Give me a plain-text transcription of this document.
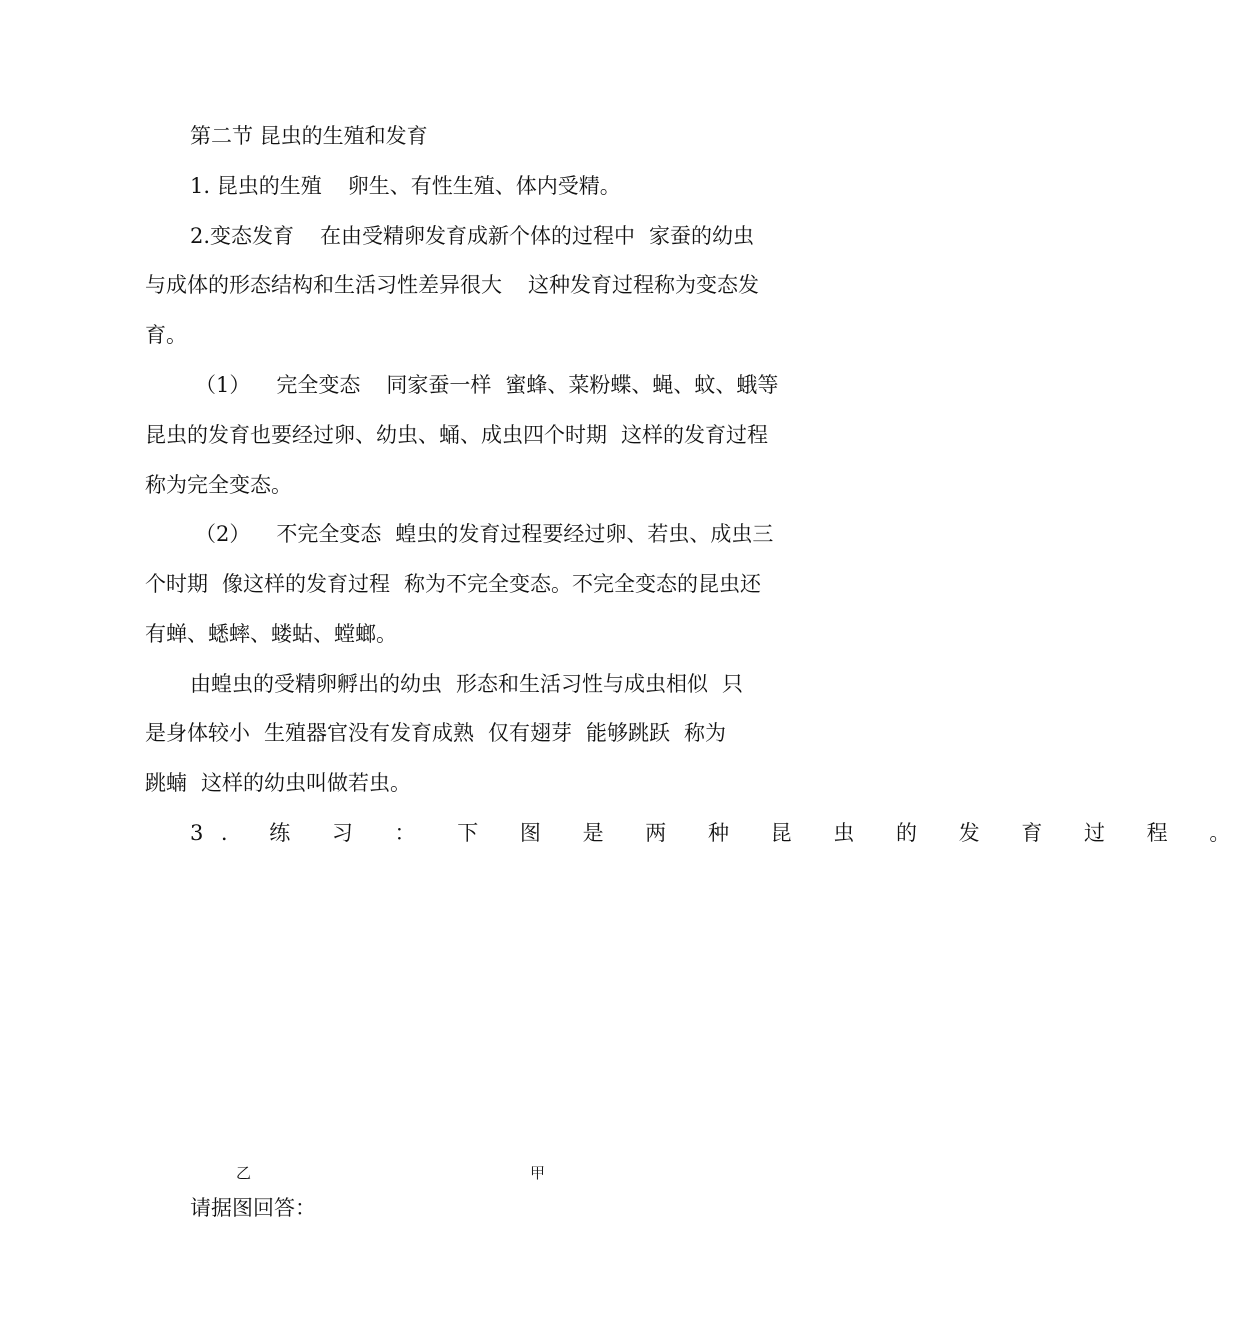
第二节 昆虫的生殖和发育
1. 昆虫的生殖 卵生、有性生殖、体内受精。
2.变态发育 在由受精卵发育成新个体的过程中 家蚕的幼虫
与成体的形态结构和生活习性差异很大 这种发育过程称为变态发
育。
（1） 完全变态 同家蚕一样 蜜蜂、菜粉蝶、蝇、蚊、蛾等
昆虫的发育也要经过卵、幼虫、蛹、成虫四个时期 这样的发育过程
称为完全变态。
（2） 不完全变态 蝗虫的发育过程要经过卵、若虫、成虫三
个时期 像这样的发育过程 称为不完全变态。不完全变态的昆虫还
有蝉、蟋蟀、蝼蛄、螳螂。
由蝗虫的受精卵孵出的幼虫 形态和生活习性与成虫相似 只
是身体较小 生殖器官没有发育成熟 仅有翅芽 能够跳跃 称为
跳蝻 这样的幼虫叫做若虫。
3. 练 习 ： 下 图 是 两 种 昆 虫 的 发 育 过 程 。
乙	甲
请据图回答：
